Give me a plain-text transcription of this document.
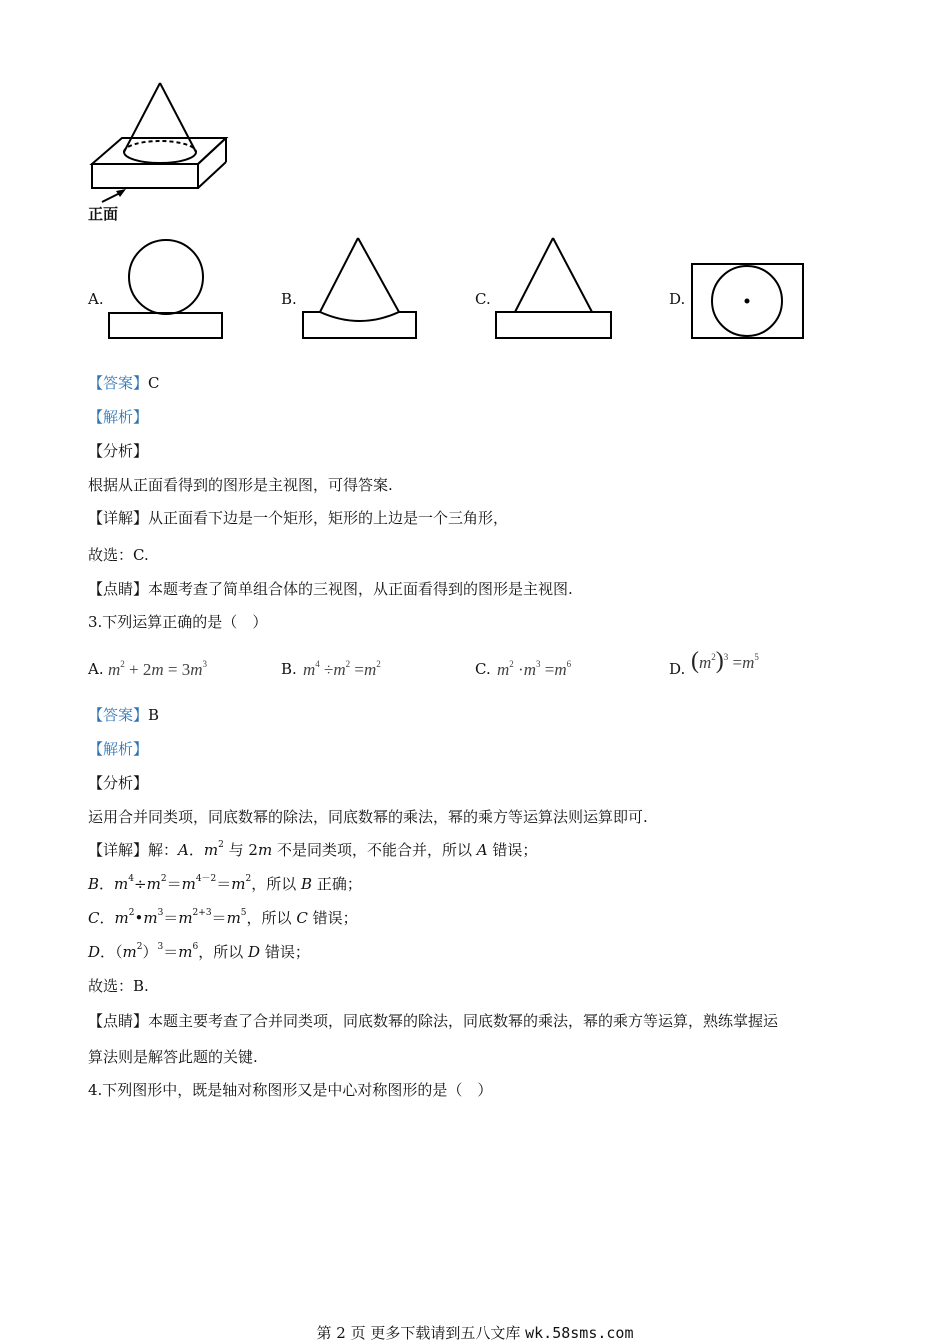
正面
A.	B.	C.	D.
【答案】C
【解析】
【分析】
根据从正面看得到的图形是主视图，可得答案.
【详解】从正面看下边是一个矩形，矩形的上边是一个三角形，
故选：C.
【点睛】本题考查了简单组合体的三视图，从正面看得到的图形是主视图.
3.下列运算正确的是（　）
A. $m^2 + 2m = 3m^3$	B. $m^4 \div m^2 =m^2$	C. $m^2 \cdot m^3 =m^6$	D. $(m^2)^3 =m^5$
【答案】B
【解析】
【分析】
运用合并同类项，同底数幂的除法，同底数幂的乘法，幂的乘方等运算法则运算即可.
【详解】解：A．$m^2$ 与 2m 不是同类项，不能合并，所以 A 错误；
B．$m^4\div m^2=m^{4-2}=m^2$，所以 B 正确；
C．$m^2•m^3=m^{2+3}=m^5$，所以 C 错误；
D．$(m^2)^3=m^6$，所以 D 错误；
故选：B.
【点睛】本题主要考查了合并同类项，同底数幂的除法，同底数幂的乘法，幂的乘方等运算，熟练掌握运
算法则是解答此题的关键.
4.下列图形中，既是轴对称图形又是中心对称图形的是（　）
第 2 页 更多下载请到五八文库 wk.58sms.com
